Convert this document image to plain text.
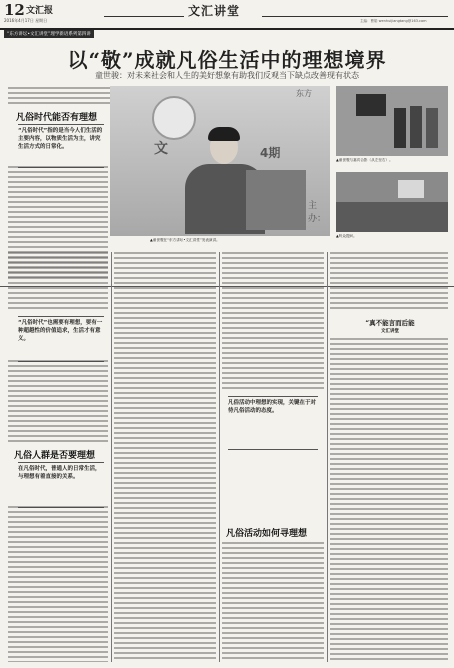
12 文汇报
2016年4月17日 星期日
文汇讲堂
主编：曹皓 wenhuijiangtang@163.com
“东方讲坛•文汇讲堂”理学新语系列第四讲
以“敬”成就凡俗生活中的理想境界
童世骏：对未来社会和人生的美好想象有助我们反观当下缺点改善现有状态
文	4期
东方
主办：
▲童世骏在“东方讲坛•文汇讲堂”发表演讲。
▲童世骏与嘉宾合影（从左至右）。
▲听众提问。
凡俗时代能否有理想
“凡俗时代”指的是当今人们生活的主要内容，以物质生活为主，讲究生活方式的日常化。
“凡俗时代”也需要有理想，要有一种超越性的价值追求，生活才有意义。
凡俗人群是否要理想
在凡俗时代，普通人的日常生活，与理想有着直接的关系。
凡俗活动中理想的实现，关键在于对待凡俗活动的态度。
凡俗活动如何寻理想
“真不能言而后能
文汇讲堂
